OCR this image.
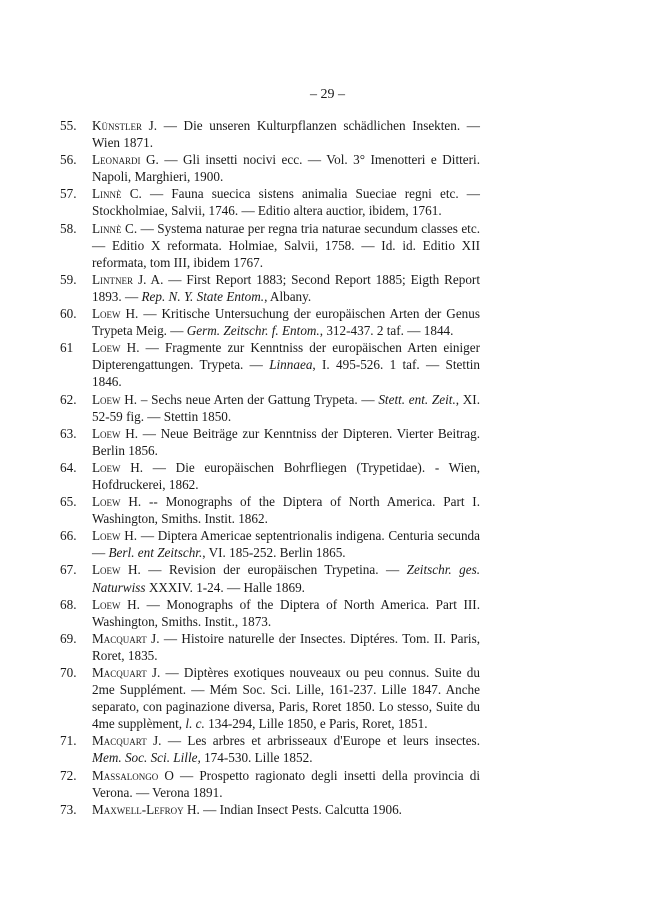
– 29 –
55. Künstler J. — Die unseren Kulturpflanzen schädlichen Insekten. — Wien 1871.
56. Leonardi G. — Gli insetti nocivi ecc. — Vol. 3° Imenotteri e Ditteri. Napoli, Marghieri, 1900.
57. Linnè C. — Fauna suecica sistens animalia Sueciae regni etc. — Stockholmiae, Salvii, 1746. — Editio altera auctior, ibidem, 1761.
58. Linnè C. — Systema naturae per regna tria naturae secundum classes etc. — Editio X reformata. Holmiae, Salvii, 1758. — Id. id. Editio XII reformata, tom III, ibidem 1767.
59. Lintner J. A. — First Report 1883; Second Report 1885; Eigth Report 1893. — Rep. N. Y. State Entom., Albany.
60. Loew H. — Kritische Untersuchung der europäischen Arten der Genus Trypeta Meig. — Germ. Zeitschr. f. Entom., 312-437. 2 taf. — 1844.
61 Loew H. — Fragmente zur Kenntniss der europäischen Arten einiger Dipterengattungen. Trypeta. — Linnaea, I. 495-526. 1 taf. — Stettin 1846.
62. Loew H. – Sechs neue Arten der Gattung Trypeta. — Stett. ent. Zeit., XI. 52-59 fig. — Stettin 1850.
63. Loew H. — Neue Beiträge zur Kenntniss der Dipteren. Vierter Beitrag. Berlin 1856.
64. Loew H. — Die europäischen Bohrfliegen (Trypetidae). - Wien, Hofdruckerei, 1862.
65. Loew H. -- Monographs of the Diptera of North America. Part I. Washington, Smiths. Instit. 1862.
66. Loew H. — Diptera Americae septentrionalis indigena. Centuria secunda — Berl. ent Zeitschr., VI. 185-252. Berlin 1865.
67. Loew H. — Revision der europäischen Trypetina. — Zeitschr. ges. Naturwiss XXXIV. 1-24. — Halle 1869.
68. Loew H. — Monographs of the Diptera of North America. Part III. Washington, Smiths. Instit., 1873.
69. Macquart J. — Histoire naturelle der Insectes. Diptéres. Tom. II. Paris, Roret, 1835.
70. Macquart J. — Diptères exotiques nouveaux ou peu connus. Suite du 2me Supplément. — Mém Soc. Sci. Lille, 161-237. Lille 1847. Anche separato, con paginazione diversa, Paris, Roret 1850. Lo stesso, Suite du 4me supplèment, l. c. 134-294, Lille 1850, e Paris, Roret, 1851.
71. Macquart J. — Les arbres et arbrisseaux d'Europe et leurs insectes. Mem. Soc. Sci. Lille, 174-530. Lille 1852.
72. Massalongo O — Prospetto ragionato degli insetti della provincia di Verona. — Verona 1891.
73. Maxwell-Lefroy H. — Indian Insect Pests. Calcutta 1906.
